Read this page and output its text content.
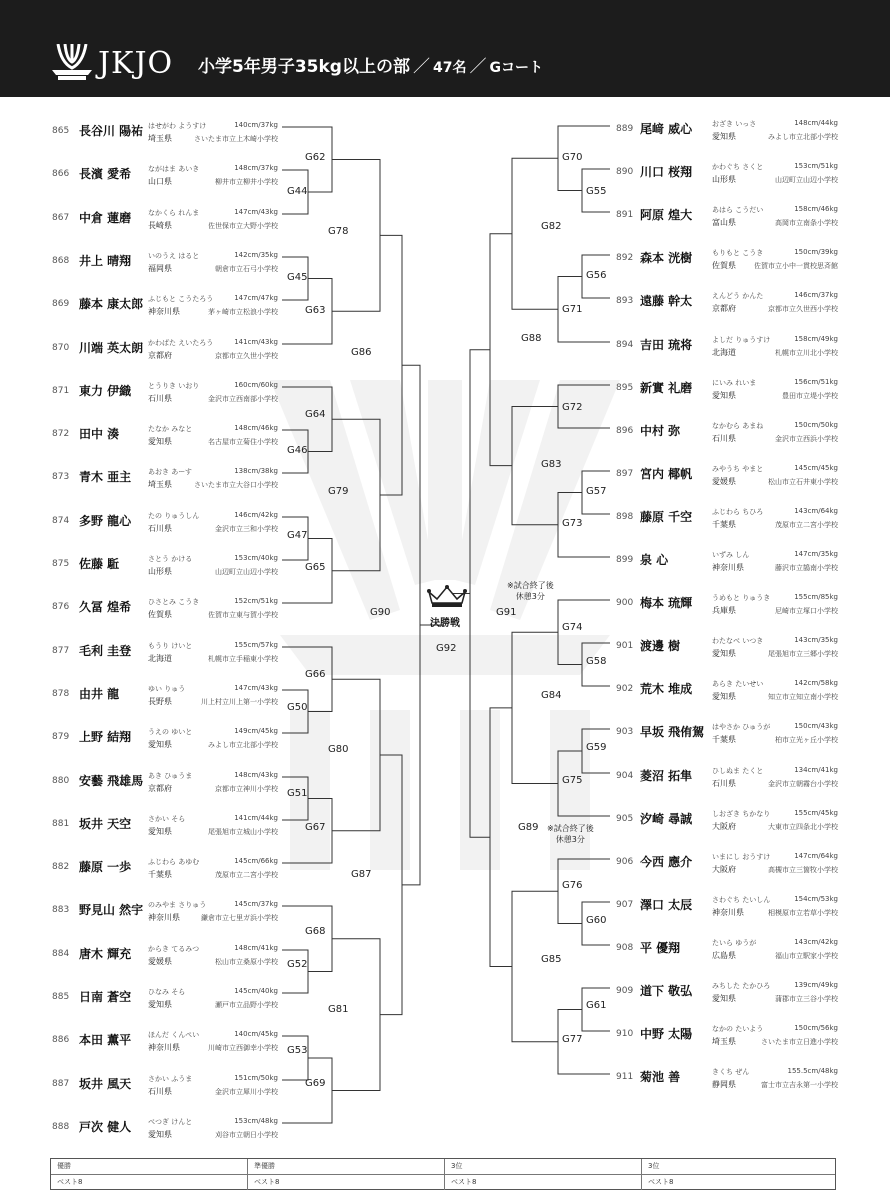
JKJO 小学5年男子35kg以上の部 ／ 47名 ／ Gコート
865 長谷川 陽祐 はせがわ ようすけ	140cm/37kg
埼玉県	さいたま市立上木崎小学校
866 長濱 愛希 ながはま あいき	148cm/37kg
山口県	柳井市立柳井小学校
867 中倉 蓮磨 なかくら れんま	147cm/43kg
長崎県	佐世保市立大野小学校
868 井上 晴翔 いのうえ はると	142cm/35kg
福岡県	朝倉市立石弓小学校
869 藤本 康太郎 ふじもと こうたろう	147cm/47kg
神奈川県	茅ヶ崎市立松浪小学校
870 川端 英太朗 かわばた えいたろう	141cm/43kg
京都府	京都市立久世小学校
871 東力 伊織 とうりき いおり	160cm/60kg
石川県	金沢市立西南部小学校
872 田中 湊	たなか みなと	148cm/46kg
愛知県	名古屋市立菊住小学校
873 青木 亜主 あおき あーす	138cm/38kg
埼玉県	さいたま市立大谷口小学校
874 多野 龍心 たの りゅうしん	146cm/42kg
石川県	金沢市立三和小学校
875 佐藤 駈	さとう かける	153cm/40kg
山形県	山辺町立山辺小学校
876 久冨 煌希 ひさとみ こうき	152cm/51kg
佐賀県	佐賀市立東与賀小学校
877 毛利 圭登 もうり けいと	155cm/57kg
北海道	札幌市立手稲東小学校
878 由井 龍	ゆい りゅう	147cm/43kg
長野県	川上村立川上第一小学校
879 上野 結翔 うえの ゆいと	149cm/45kg
愛知県	みよし市立北部小学校
880 安藝 飛雄馬 あき ひゅうま	148cm/43kg
京都府	京都市立神川小学校
881 坂井 天空 さかい そら	141cm/44kg
愛知県	尾張旭市立城山小学校
882 藤原 一歩 ふじわら あゆむ	145cm/66kg
千葉県	茂原市立二宮小学校
883 野見山 然宇 のみやま さりゅう	145cm/37kg
神奈川県	鎌倉市立七里ガ浜小学校
884 唐木 輝充 からき てるみつ	148cm/41kg
愛媛県	松山市立桑原小学校
885 日南 蒼空 ひなみ そら	145cm/40kg
愛知県	瀬戸市立品野小学校
886 本田 薫平 ほんだ くんぺい	140cm/45kg
神奈川県	川崎市立西御幸小学校
887 坂井 風天 さかい ふうま	151cm/50kg
石川県	金沢市立犀川小学校
888 戸次 健人 べつぎ けんと	153cm/48kg
愛知県	刈谷市立朝日小学校
889 尾﨑 威心	おざき いっさ	148cm/44kg
愛知県	みよし市立北部小学校
890 川口 桜翔	かわぐち さくと	153cm/51kg
山形県	山辺町立山辺小学校
891 阿原 煌大	あはら こうだい	158cm/46kg
富山県	高岡市立南条小学校
892 森本 洸樹	もりもと こうき	150cm/39kg
佐賀県	佐賀市立小中一貫校思斉館
893 遠藤 幹太	えんどう かんた	146cm/37kg
京都府	京都市立久世西小学校
894 吉田 琉将	よしだ りゅうすけ	158cm/49kg
北海道	札幌市立川北小学校
895 新實 礼磨	にいみ れいま	156cm/51kg
愛知県	豊田市立堤小学校
896 中村 弥	なかむら あまね	150cm/50kg
石川県	金沢市立西浜小学校
897 宮内 椰帆	みやうち やまと	145cm/45kg
愛媛県	松山市立石井東小学校
898 藤原 千空	ふじわら ちひろ	143cm/64kg
千葉県	茂原市立二宮小学校
899 泉 心	いずみ しん	147cm/35kg
神奈川県	藤沢市立鵠南小学校
900 梅本 琉輝	うめもと りゅうき	155cm/85kg
兵庫県	尼崎市立塚口小学校
901 渡邊 樹	わたなべ いつき	143cm/35kg
愛知県	尾張旭市立三郷小学校
902 荒木 堆成	あらき たいせい	142cm/58kg
愛知県	知立市立知立南小学校
903 早坂 飛侑駕 はやさか ひゅうが	150cm/43kg
千葉県	柏市立光ヶ丘小学校
904 菱沼 拓隼	ひしぬま たくと	134cm/41kg
石川県	金沢市立朝霧台小学校
905 汐崎 尋誠	しおざき ちかなり	155cm/45kg
大阪府	大東市立四条北小学校
906 今西 應介	いまにし おうすけ	147cm/64kg
大阪府	高槻市立三箇牧小学校
907 澤口 太辰	さわぐち たいしん	154cm/53kg
神奈川県	相模原市立若草小学校
908 平 優翔	たいら ゆうが	143cm/42kg
広島県	福山市立駅家小学校
909 道下 敬弘	みちした たかひろ	139cm/49kg
愛知県	蒲郡市立三谷小学校
910 中野 太陽	なかの たいよう	150cm/56kg
埼玉県	さいたま市立日進小学校
911 菊池 善	きくち ぜん	155.5cm/48kg
静岡県	富士市立吉永第一小学校
G62
G44
G78
G45
G63
G86
G64
G46
G79
G47
G65
G90
G66
G50
G80
G51
G67
G87
G68
G52
G81
G53
G69
G70
G55
G82
G56
G71
G88
G72
G83
G57
G73
G91
G92
G74
G58
G84
G59
G75
G89
G76
G60
G85
G61
G77
※試合終了後
休憩3分
※試合終了後
休憩3分
決勝戦
優勝	準優勝	3位	3位
ベスト8	ベスト8	ベスト8	ベスト8
